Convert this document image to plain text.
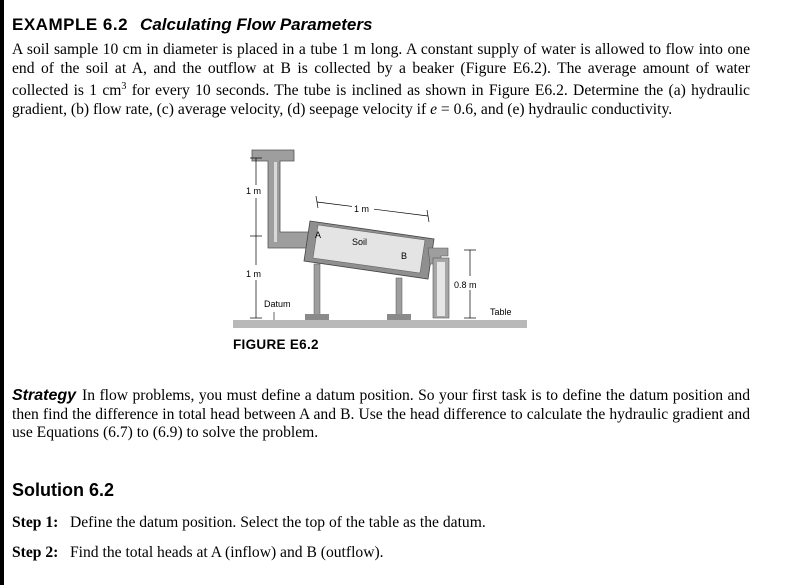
EXAMPLE 6.2 Calculating Flow Parameters
A soil sample 10 cm in diameter is placed in a tube 1 m long. A constant supply of water is allowed to flow into one end of the soil at A, and the outflow at B is collected by a beaker (Figure E6.2). The average amount of water collected is 1 $cm^3$ for every 10 seconds. The tube is inclined as shown in Figure E6.2. Determine the (a) hydraulic gradient, (b) flow rate, (c) average velocity, (d) seepage velocity if e = 0.6, and (e) hydraulic conductivity.
1 m
1 m
1 m
Soil
A
B
Datum
0.8 m
Table
FIGURE E6.2
Strategy In flow problems, you must define a datum position. So your first task is to define the datum position and then find the difference in total head between A and B. Use the head difference to calculate the hydraulic gradient and use Equations (6.7) to (6.9) to solve the problem.
Solution 6.2
Step 1: Define the datum position. Select the top of the table as the datum.
Step 2: Find the total heads at A (inflow) and B (outflow).
